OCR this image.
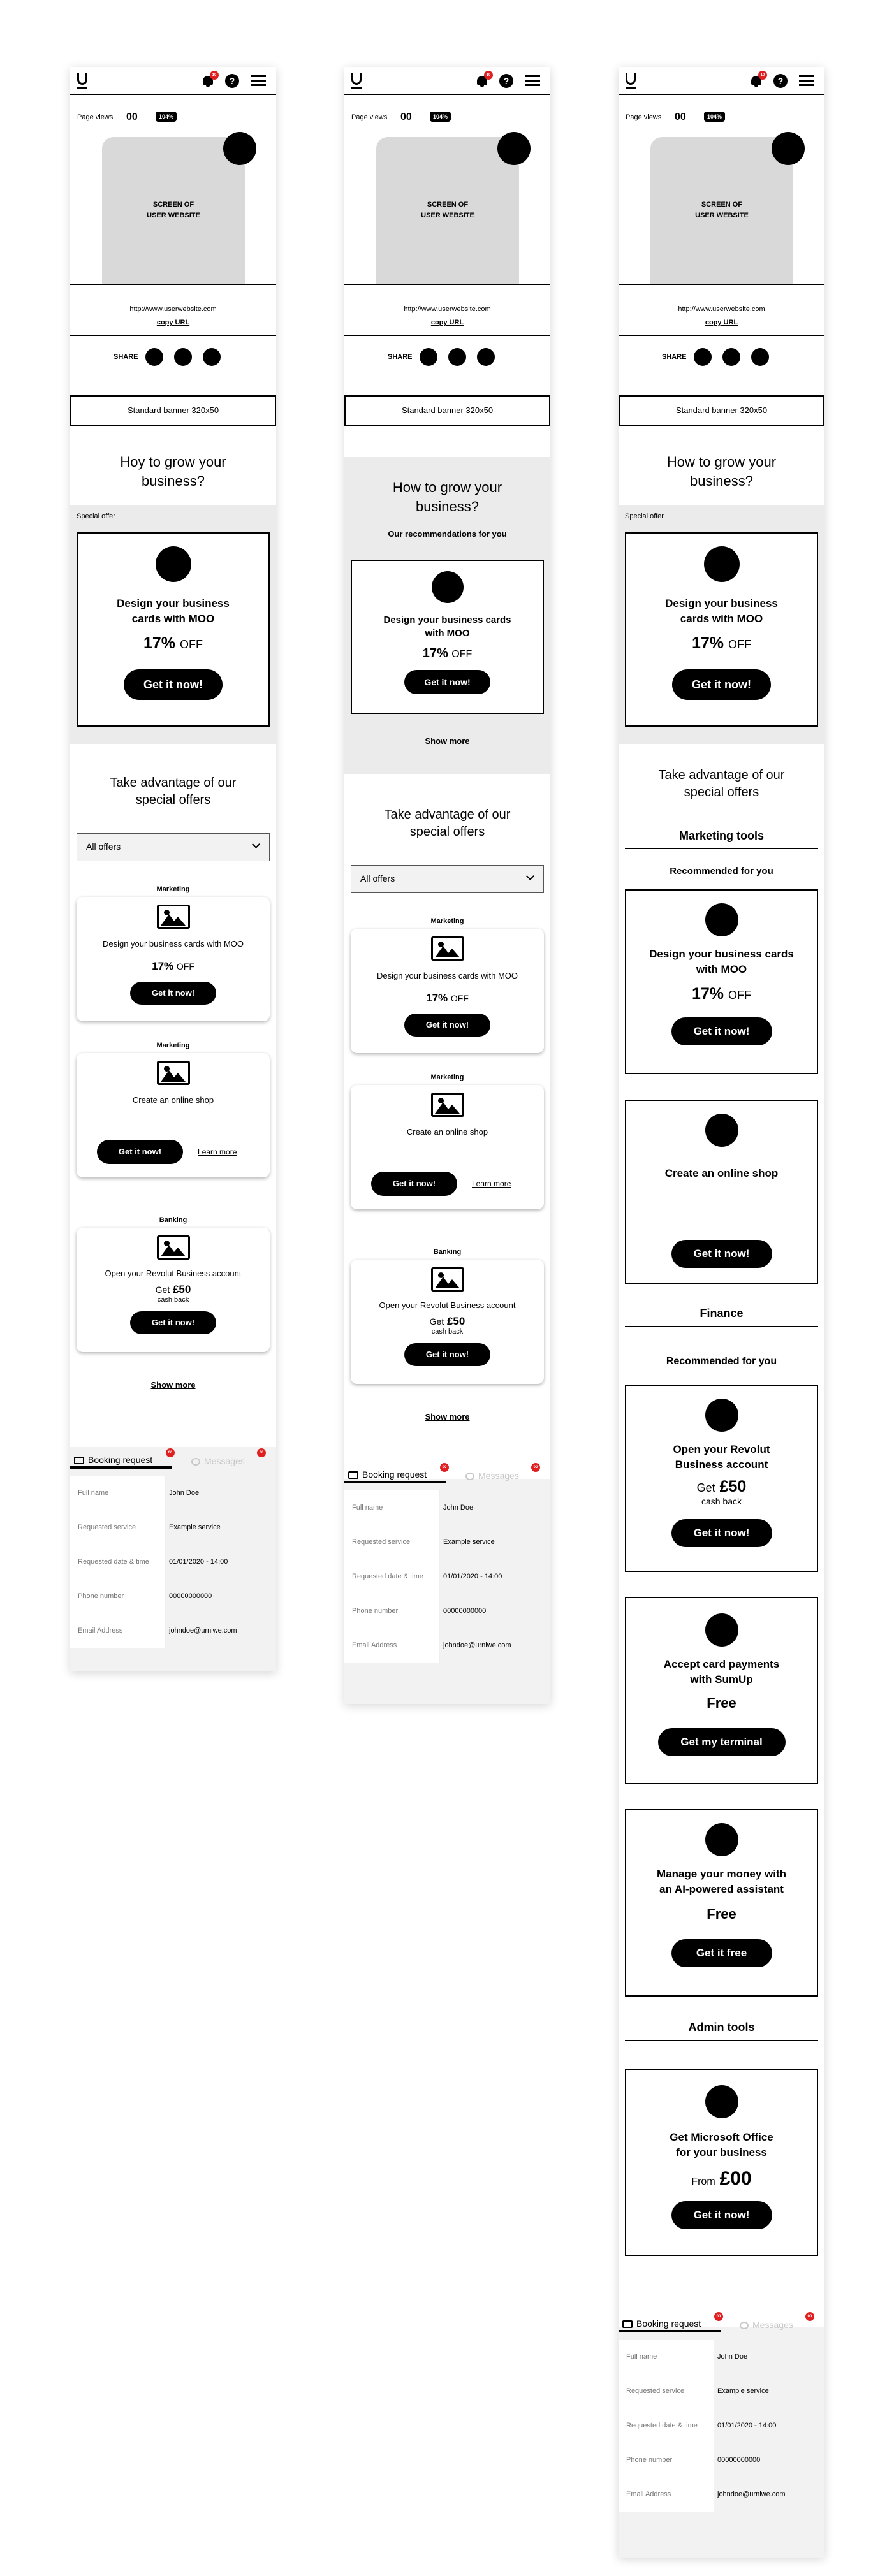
10
?
Page views 00	104%
SCREEN OF
USER WEBSITE
http://www.userwebsite.com
copy URL
SHARE
Standard banner 320x50
Hoy to grow your
business?
Special offer
Design your business
cards with MOO
17% OFF
Get it now!
Take advantage of our
special offers
All offers
Marketing
Design your business cards with MOO
17% OFF
Get it now!
Marketing
Create an online shop
Get it now!	Learn more
Banking
Open your Revolut Business account
Get £50
cash back
Get it now!
Show more
Booking request
00
Messages
00
Full name	John Doe
Requested service	Example service
Requested date & time	01/01/2020 - 14:00
Phone number	00000000000
Email Address	johndoe@urniwe.com
10
?
Page views 00	104%
SCREEN OF
USER WEBSITE
http://www.userwebsite.com
copy URL
SHARE
Standard banner 320x50
How to grow your
business?
Our recommendations for you
Design your business cards
with MOO
17% OFF
Get it now!
Show more
Take advantage of our
special offers
All offers
Marketing
Design your business cards with MOO
17% OFF
Get it now!
Marketing
Create an online shop
Get it now!	Learn more
Banking
Open your Revolut Business account
Get £50
cash back
Get it now!
Show more
Booking request
00
Messages
00
Full name	John Doe
Requested service	Example service
Requested date & time	01/01/2020 - 14:00
Phone number	00000000000
Email Address	johndoe@urniwe.com
10
?
Page views 00	104%
SCREEN OF
USER WEBSITE
http://www.userwebsite.com
copy URL
SHARE
Standard banner 320x50
How to grow your
business?
Special offer
Design your business
cards with MOO
17% OFF
Get it now!
Take advantage of our
special offers
Marketing tools
Recommended for you
Design your business cards
with MOO
17% OFF
Get it now!
Create an online shop
Get it now!
Finance
Recommended for you
Open your Revolut
Business account
Get £50
cash back
Get it now!
Accept card payments
with SumUp
Free
Get my terminal
Manage your money with
an AI-powered assistant
Free
Get it free
Admin tools
Get Microsoft Office
for your business
From £00
Get it now!
Booking request
00
Messages
00
Full name	John Doe
Requested service	Example service
Requested date & time	01/01/2020 - 14:00
Phone number	00000000000
Email Address	johndoe@urniwe.com
